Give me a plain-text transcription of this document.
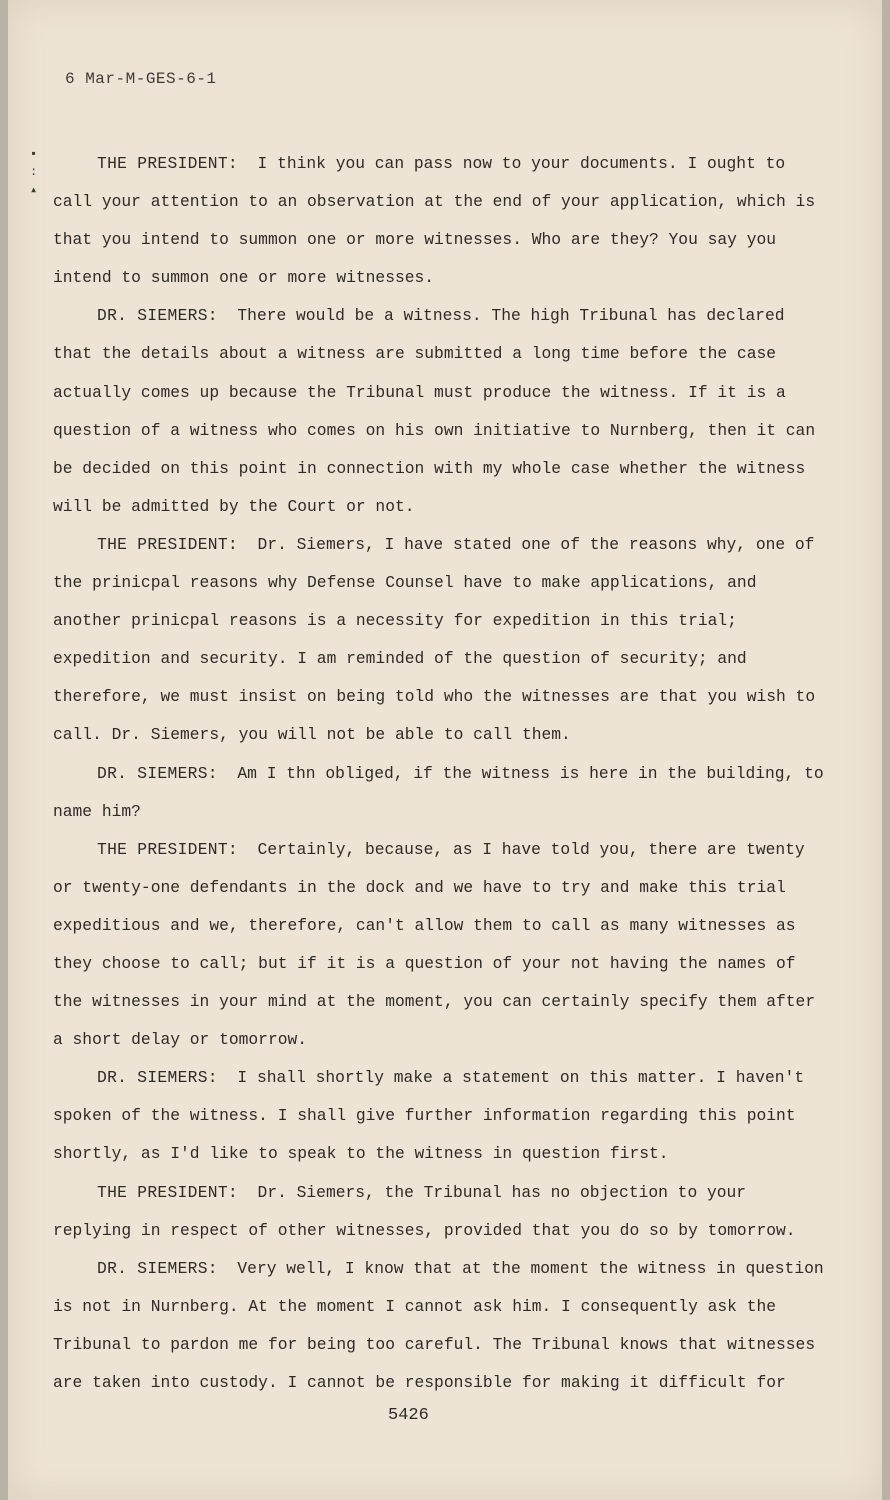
6 Mar-M-GES-6-1
▪
:
▴

THE PRESIDENT: I think you can pass now to your documents. I ought to call your attention to an observation at the end of your application, which is that you intend to summon one or more witnesses. Who are they? You say you intend to summon one or more witnesses.

DR. SIEMERS: There would be a witness. The high Tribunal has declared that the details about a witness are submitted a long time before the case actually comes up because the Tribunal must produce the witness. If it is a question of a witness who comes on his own initiative to Nurnberg, then it can be decided on this point in connection with my whole case whether the witness will be admitted by the Court or not.

THE PRESIDENT: Dr. Siemers, I have stated one of the reasons why, one of the prinicpal reasons why Defense Counsel have to make applications, and another prinicpal reasons is a necessity for expedition in this trial; expedition and security. I am reminded of the question of security; and therefore, we must insist on being told who the witnesses are that you wish to call. Dr. Siemers, you will not be able to call them.

DR. SIEMERS: Am I thn obliged, if the witness is here in the building, to name him?

THE PRESIDENT: Certainly, because, as I have told you, there are twenty or twenty-one defendants in the dock and we have to try and make this trial expeditious and we, therefore, can't allow them to call as many witnesses as they choose to call; but if it is a question of your not having the names of the witnesses in your mind at the moment, you can certainly specify them after a short delay or tomorrow.

DR. SIEMERS: I shall shortly make a statement on this matter. I haven't spoken of the witness. I shall give further information regarding this point shortly, as I'd like to speak to the witness in question first.

THE PRESIDENT: Dr. Siemers, the Tribunal has no objection to your replying in respect of other witnesses, provided that you do so by tomorrow.

DR. SIEMERS: Very well, I know that at the moment the witness in question is not in Nurnberg. At the moment I cannot ask him. I consequently ask the Tribunal to pardon me for being too careful. The Tribunal knows that witnesses are taken into custody. I cannot be responsible for making it difficult for

5426
